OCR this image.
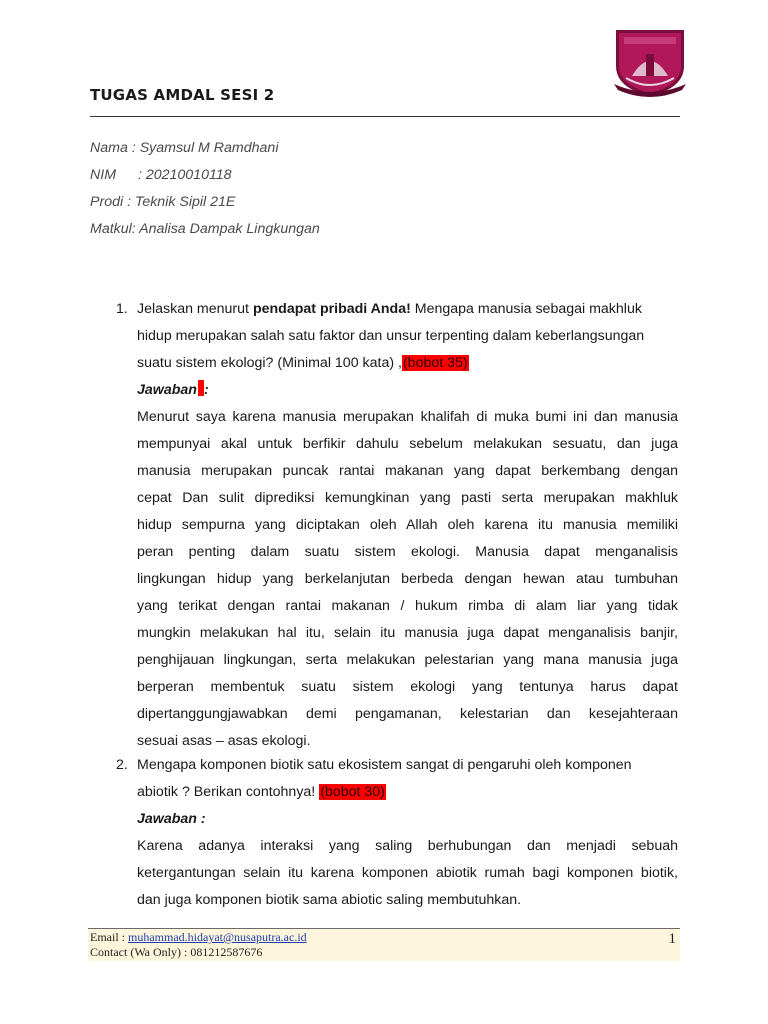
TUGAS AMDAL SESI 2
Nama : Syamsul M Ramdhani
NIM : 20210010118
Prodi : Teknik Sipil 21E
Matkul: Analisa Dampak Lingkungan
1. Jelaskan menurut pendapat pribadi Anda! Mengapa manusia sebagai makhluk
hidup merupakan salah satu faktor dan unsur terpenting dalam keberlangsungan
suatu sistem ekologi? (Minimal 100 kata) ,(bobot 35)
Jawaban :
Menurut saya karena manusia merupakan khalifah di muka bumi ini dan manusia
mempunyai akal untuk berfikir dahulu sebelum melakukan sesuatu, dan juga
manusia merupakan puncak rantai makanan yang dapat berkembang dengan
cepat Dan sulit diprediksi kemungkinan yang pasti serta merupakan makhluk
hidup sempurna yang diciptakan oleh Allah oleh karena itu manusia memiliki
peran penting dalam suatu sistem ekologi. Manusia dapat menganalisis
lingkungan hidup yang berkelanjutan berbeda dengan hewan atau tumbuhan
yang terikat dengan rantai makanan / hukum rimba di alam liar yang tidak
mungkin melakukan hal itu, selain itu manusia juga dapat menganalisis banjir,
penghijauan lingkungan, serta melakukan pelestarian yang mana manusia juga
berperan membentuk suatu sistem ekologi yang tentunya harus dapat
dipertanggungjawabkan demi pengamanan, kelestarian dan kesejahteraan
sesuai asas – asas ekologi.
2. Mengapa komponen biotik satu ekosistem sangat di pengaruhi oleh komponen
abiotik ? Berikan contohnya! (bobot 30)
Jawaban :
Karena adanya interaksi yang saling berhubungan dan menjadi sebuah
ketergantungan selain itu karena komponen abiotik rumah bagi komponen biotik,
dan juga komponen biotik sama abiotic saling membutuhkan.
Email : muhammad.hidayat@nusaputra.ac.id
Contact (Wa Only) : 081212587676
1
